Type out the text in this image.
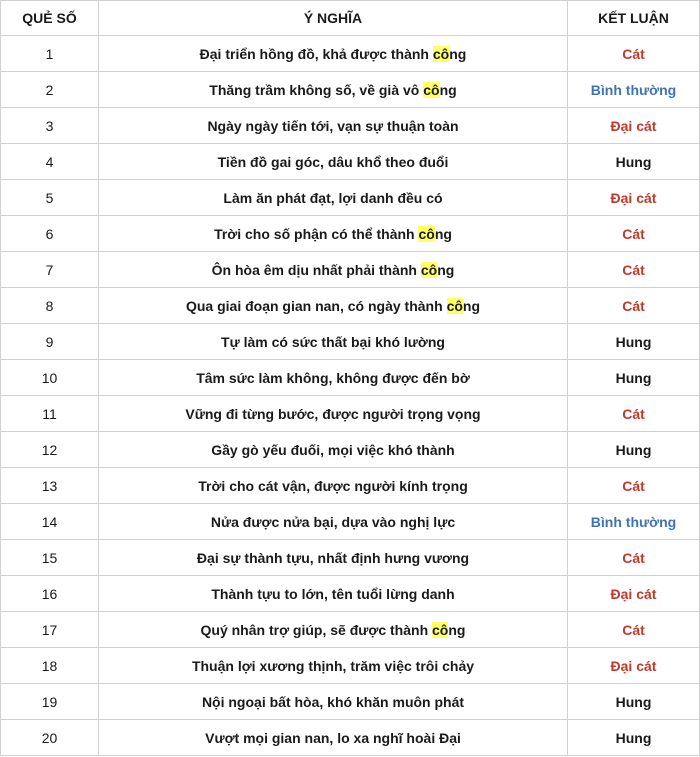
QUẺ SỐ	Ý NGHĨA	KẾT LUẬN
1	Đại triển hồng đồ, khả được thành công	Cát
2	Thăng trầm không số, về già vô công	Bình thường
3	Ngày ngày tiến tới, vạn sự thuận toàn	Đại cát
4	Tiền đồ gai góc, dâu khổ theo đuổi	Hung
5	Làm ăn phát đạt, lợi danh đều có	Đại cát
6	Trời cho số phận có thể thành công	Cát
7	Ôn hòa êm dịu nhất phải thành công	Cát
8	Qua giai đoạn gian nan, có ngày thành công	Cát
9	Tự làm có sức thất bại khó lường	Hung
10	Tâm sức làm không, không được đến bờ	Hung
11	Vững đi từng bước, được người trọng vọng	Cát
12	Gầy gò yếu đuối, mọi việc khó thành	Hung
13	Trời cho cát vận, được người kính trọng	Cát
14	Nửa được nửa bại, dựa vào nghị lực	Bình thường
15	Đại sự thành tựu, nhất định hưng vương	Cát
16	Thành tựu to lớn, tên tuổi lừng danh	Đại cát
17	Quý nhân trợ giúp, sẽ được thành công	Cát
18	Thuận lợi xương thịnh, trăm việc trôi chảy	Đại cát
19	Nội ngoại bất hòa, khó khăn muôn phát	Hung
20	Vượt mọi gian nan, lo xa nghĩ hoài Đại	Hung
